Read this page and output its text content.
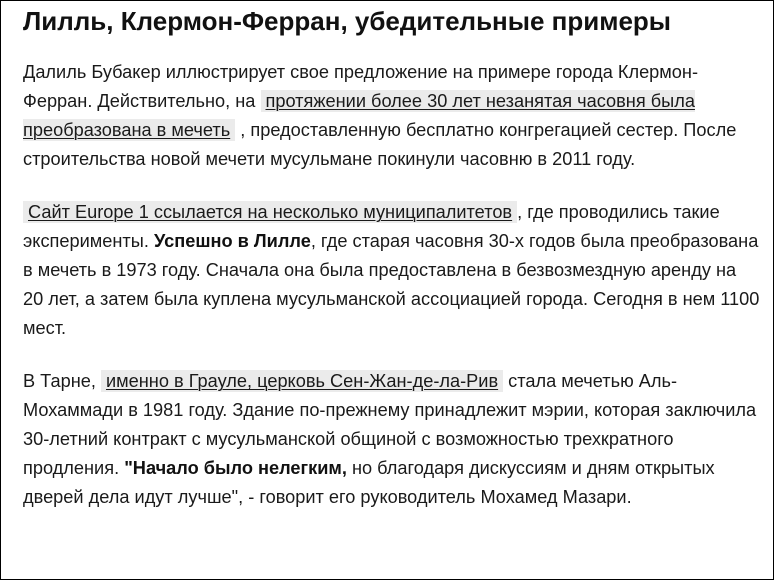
Лилль, Клермон-Ферран, убедительные примеры

Далиль Бубакер иллюстрирует свое предложение на примере города Клермон-Ферран. Действительно, на протяжении более 30 лет незанятая часовня была преобразована в мечеть , предоставленную бесплатно конгрегацией сестер. После строительства новой мечети мусульмане покинули часовню в 2011 году.

Сайт Europe 1 ссылается на несколько муниципалитетов , где проводились такие эксперименты. Успешно в Лилле, где старая часовня 30-х годов была преобразована в мечеть в 1973 году. Сначала она была предоставлена в безвозмездную аренду на 20 лет, а затем была куплена мусульманской ассоциацией города. Сегодня в нем 1100 мест.

В Тарне, именно в Грауле, церковь Сен-Жан-де-ла-Рив стала мечетью Аль-Мохаммади в 1981 году. Здание по-прежнему принадлежит мэрии, которая заключила 30-летний контракт с мусульманской общиной с возможностью трехкратного продления. "Начало было нелегким, но благодаря дискуссиям и дням открытых дверей дела идут лучше", - говорит его руководитель Мохамед Мазари.
